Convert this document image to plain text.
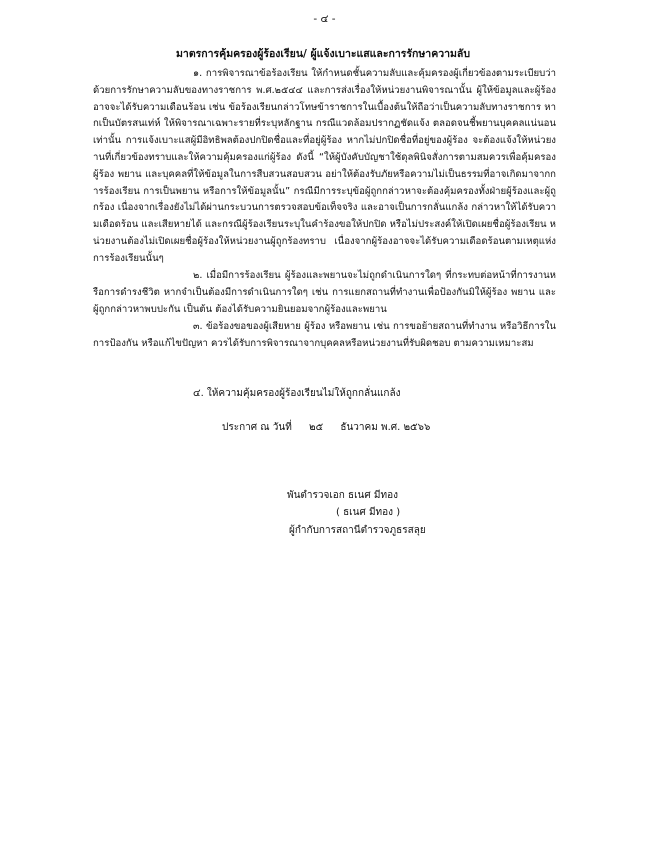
- ๔ -
มาตรการคุ้มครองผู้ร้องเรียน/ ผู้แจ้งเบาะแสและการรักษาความลับ

๑. การพิจารณาข้อร้องเรียน ให้กำหนดชั้นความลับและคุ้มครองผู้เกี่ยวข้องตามระเบียบว่าด้วยการรักษาความลับของทางราชการ พ.ศ.๒๕๔๔ และการส่งเรื่องให้หน่วยงานพิจารณานั้น ผู้ให้ข้อมูลและผู้ร้องอาจจะได้รับความเดือนร้อน เช่น ข้อร้องเรียนกล่าวโทษข้าราชการในเบื้องต้นให้ถือว่าเป็นความลับทางราชการ หากเป็นบัตรสนเท่ห์ ให้พิจารณาเฉพาะรายที่ระบุหลักฐาน กรณีแวดล้อมปรากฏชัดแจ้ง ตลอดจนชี้พยานบุคคลแน่นอนเท่านั้น การแจ้งเบาะแสผู้มีอิทธิพลต้องปกปิดชื่อและที่อยู่ผู้ร้อง หากไม่ปกปิดชื่อที่อยู่ของผู้ร้อง จะต้องแจ้งให้หน่วยงานที่เกี่ยวข้องทราบและให้ความคุ้มครองแก่ผู้ร้อง ดังนี้ “ให้ผู้บังคับบัญชาใช้ดุลพินิจสั่งการตามสมควรเพื่อคุ้มครองผู้ร้อง พยาน และบุคคลที่ให้ข้อมูลในการสืบสวนสอบสวน อย่าให้ต้องรับภัยหรือความไม่เป็นธรรมที่อาจเกิดมาจากการร้องเรียน การเป็นพยาน หรือการให้ข้อมูลนั้น” กรณีมีการระบุข้อผู้ถูกกล่าวหาจะต้องคุ้มครองทั้งฝ่ายผู้ร้องและผู้ถูกร้อง เนื่องจากเรื่องยังไม่ได้ผ่านกระบวนการตรวจสอบข้อเท็จจริง และอาจเป็นการกลั่นแกล้ง กล่าวหาให้ได้รับความเดือดร้อน และเสียหายได้ และกรณีผู้ร้องเรียนระบุในคำร้องขอให้ปกปิด หรือไม่ประสงค์ให้เปิดเผยชื่อผู้ร้องเรียน หน่วยงานต้องไม่เปิดเผยชื่อผู้ร้องให้หน่วยงานผู้ถูกร้องทราบ เนื่องจากผู้ร้องอาจจะได้รับความเดือดร้อนตามเหตุแห่งการร้องเรียนนั้นๆ

๒. เมื่อมีการร้องเรียน ผู้ร้องและพยานจะไม่ถูกดำเนินการใดๆ ที่กระทบต่อหน้าที่การงานหรือการดำรงชีวิต หากจำเป็นต้องมีการดำเนินการใดๆ เช่น การแยกสถานที่ทำงานเพื่อป้องกันมิให้ผู้ร้อง พยาน และผู้ถูกกล่าวหาพบปะกัน เป็นต้น ต้องได้รับความยินยอมจากผู้ร้องและพยาน

๓. ข้อร้องขอของผู้เสียหาย ผู้ร้อง หรือพยาน เช่น การขอย้ายสถานที่ทำงาน หรือวิธีการในการป้องกัน หรือแก้ไขปัญหา ควรได้รับการพิจารณาจากบุคคลหรือหน่วยงานที่รับผิดชอบ ตามความเหมาะสม

๔. ให้ความคุ้มครองผู้ร้องเรียนไม่ให้ถูกกลั่นแกล้ง

ประกาศ ณ วันที่ ๒๕ ธันวาคม พ.ศ. ๒๕๖๖
พันตำรวจเอก ธเนศ มีทอง
( ธเนศ มีทอง )
ผู้กำกับการสถานีตำรวจภูธรสลุย
